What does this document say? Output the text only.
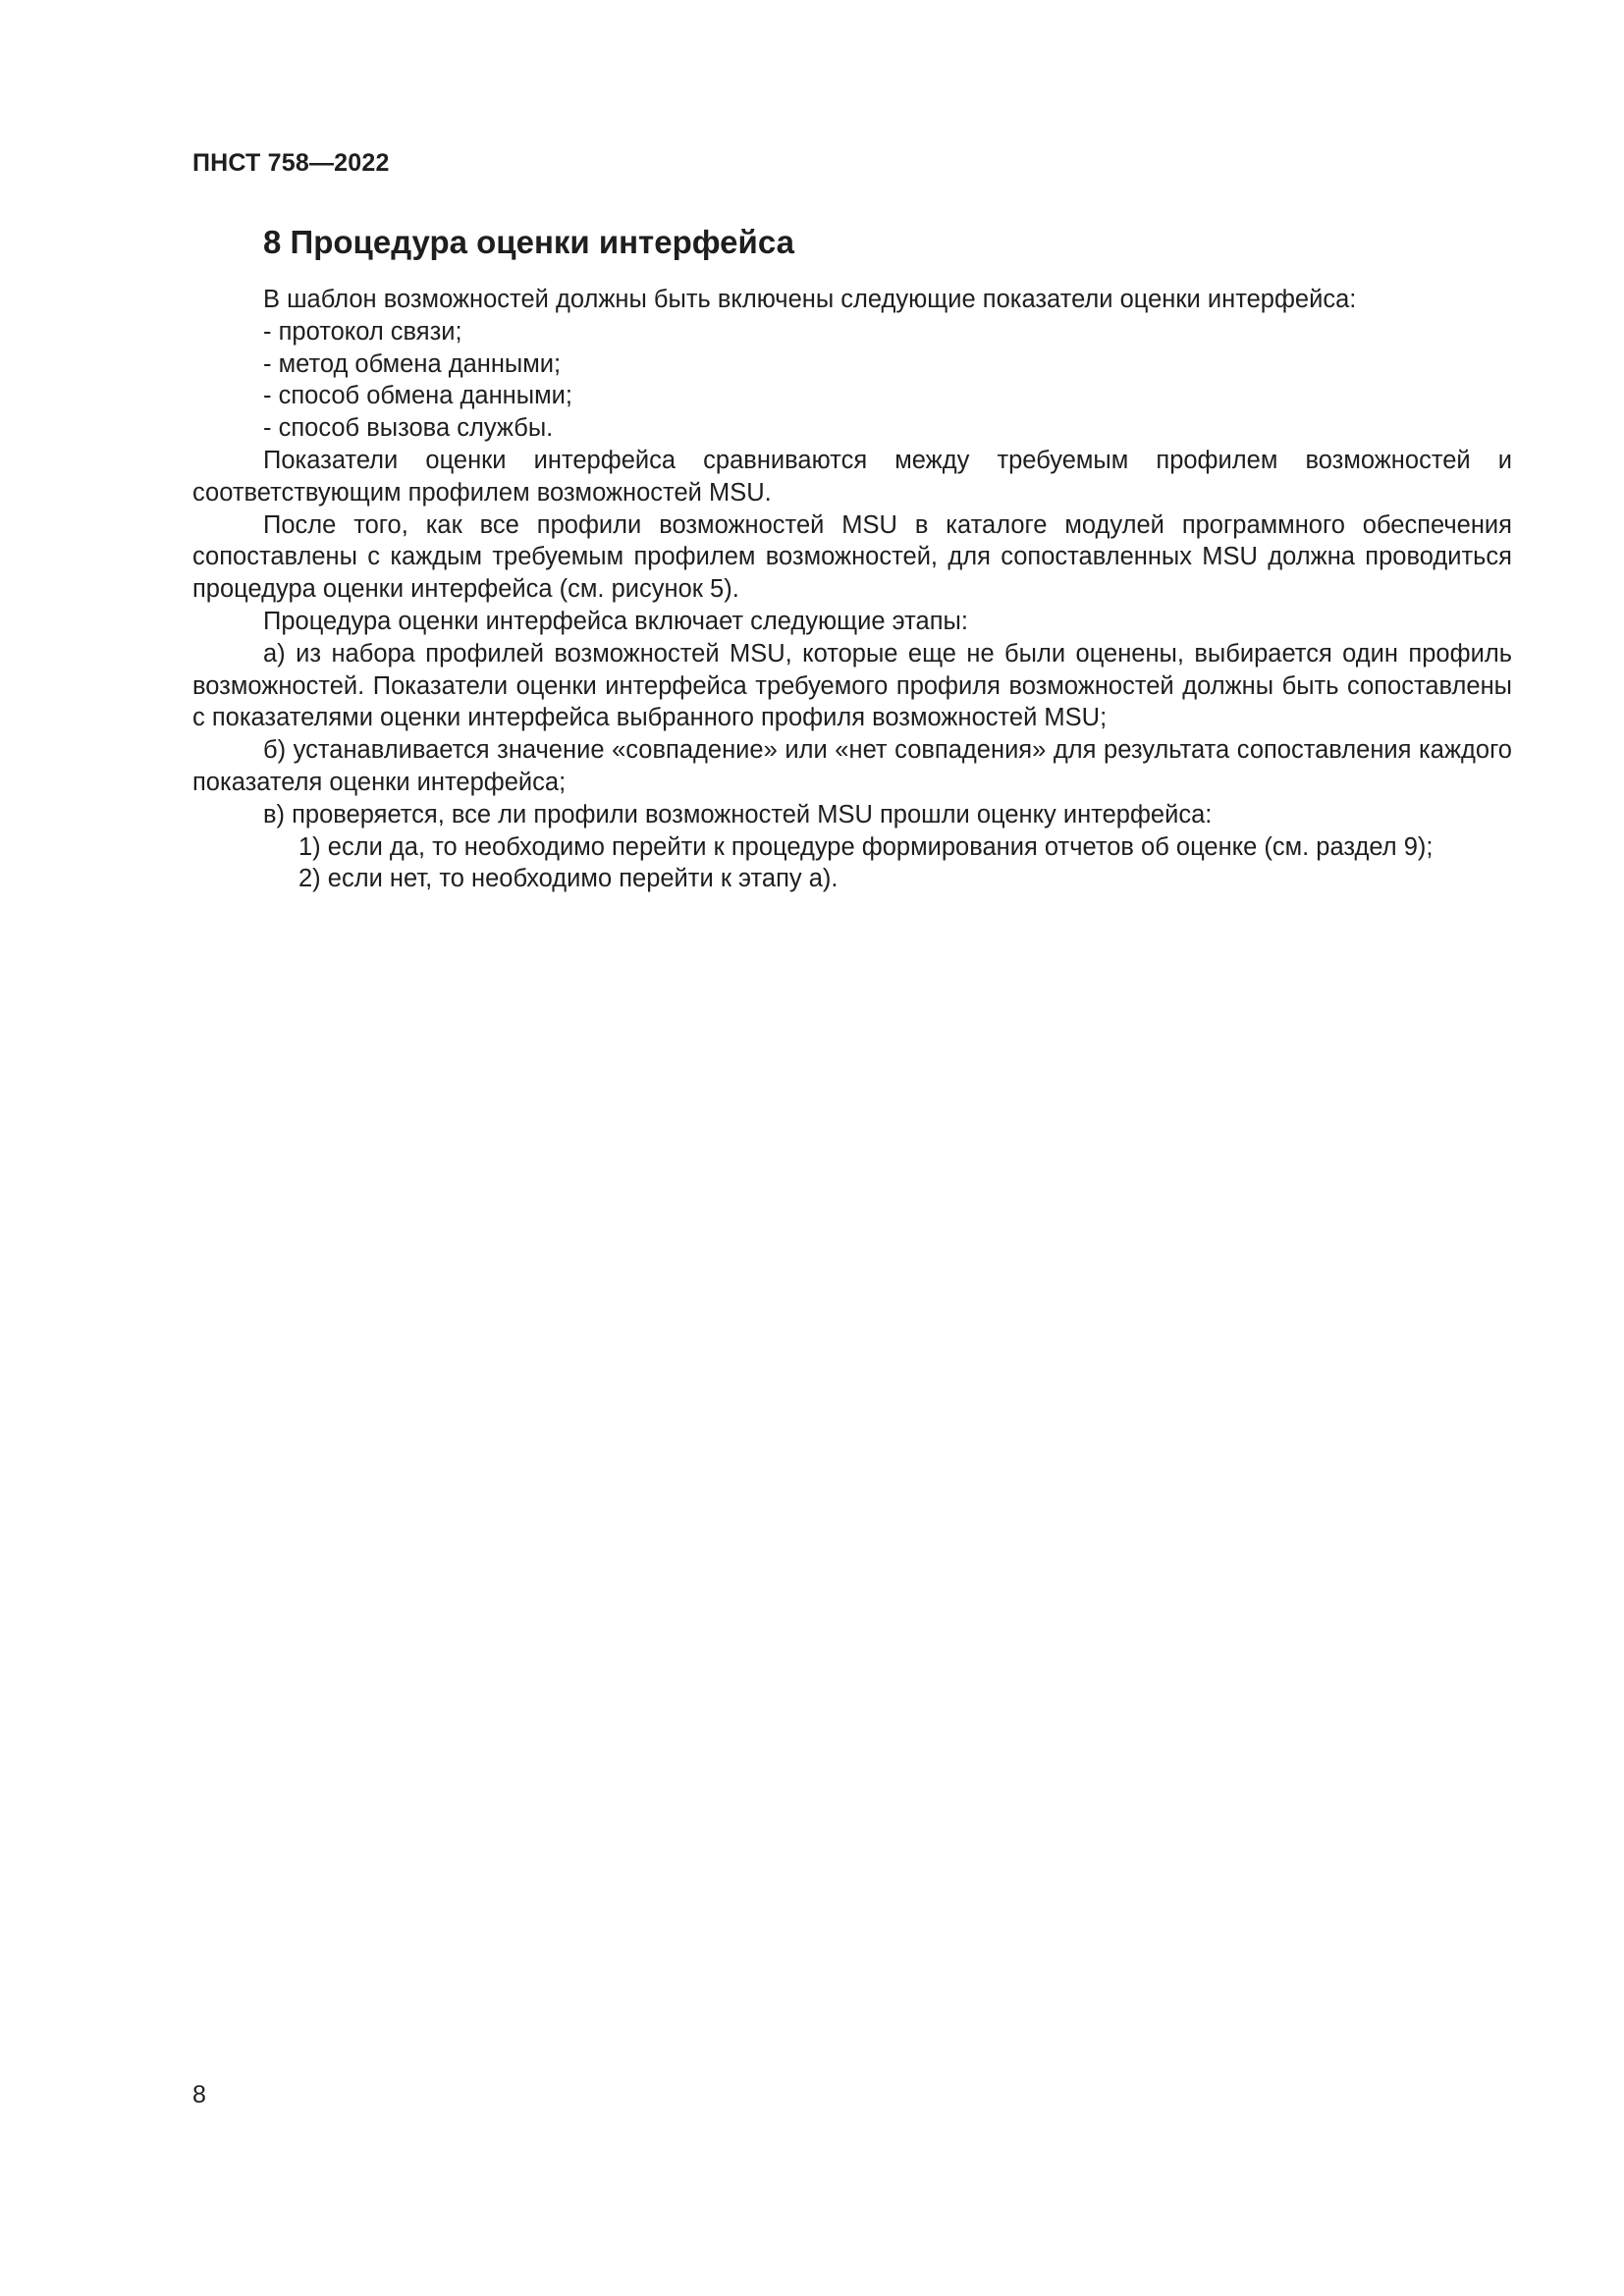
ПНСТ 758—2022
8 Процедура оценки интерфейса

В шаблон возможностей должны быть включены следующие показатели оценки интерфейса:

- протокол связи;

- метод обмена данными;

- способ обмена данными;

- способ вызова службы.

Показатели оценки интерфейса сравниваются между требуемым профилем возможностей и соответствующим профилем возможностей MSU.

После того, как все профили возможностей MSU в каталоге модулей программного обеспечения сопоставлены с каждым требуемым профилем возможностей, для сопоставленных MSU должна проводиться процедура оценки интерфейса (см. рисунок 5).

Процедура оценки интерфейса включает следующие этапы:

а) из набора профилей возможностей MSU, которые еще не были оценены, выбирается один профиль возможностей. Показатели оценки интерфейса требуемого профиля возможностей должны быть сопоставлены с показателями оценки интерфейса выбранного профиля возможностей MSU;

б) устанавливается значение «совпадение» или «нет совпадения» для результата сопоставления каждого показателя оценки интерфейса;

в) проверяется, все ли профили возможностей MSU прошли оценку интерфейса:

1) если да, то необходимо перейти к процедуре формирования отчетов об оценке (см. раздел 9);

2) если нет, то необходимо перейти к этапу а).

8
